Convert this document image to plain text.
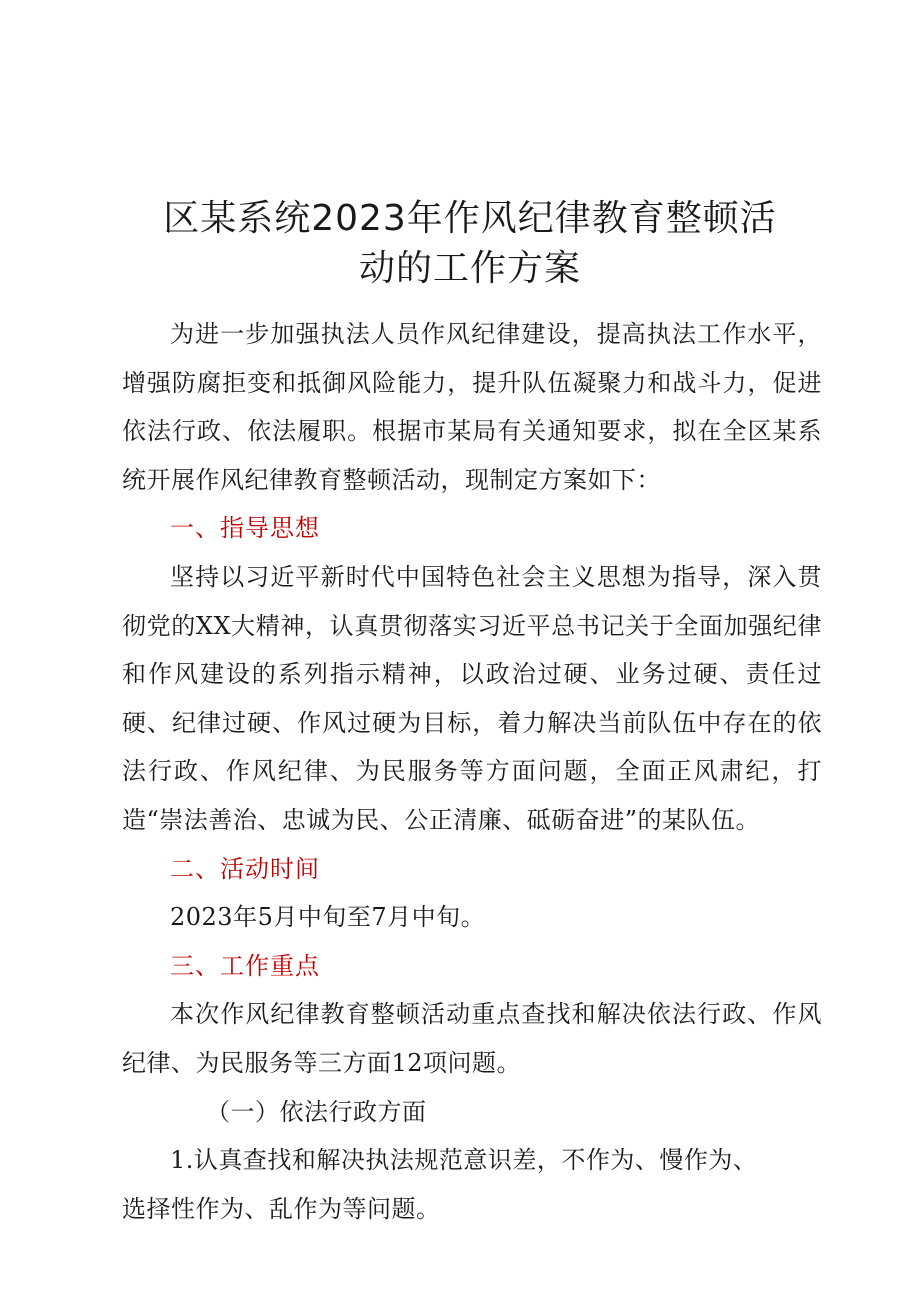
区某系统2023年作风纪律教育整顿活
动的工作方案

为进一步加强执法人员作风纪律建设，提高执法工作水平，增强防腐拒变和抵御风险能力，提升队伍凝聚力和战斗力，促进依法行政、依法履职。根据市某局有关通知要求，拟在全区某系统开展作风纪律教育整顿活动，现制定方案如下：

一、指导思想

坚持以习近平新时代中国特色社会主义思想为指导，深入贯彻党的XX大精神，认真贯彻落实习近平总书记关于全面加强纪律和作风建设的系列指示精神，以政治过硬、业务过硬、责任过硬、纪律过硬、作风过硬为目标，着力解决当前队伍中存在的依法行政、作风纪律、为民服务等方面问题，全面正风肃纪，打造“崇法善治、忠诚为民、公正清廉、砥砺奋进”的某队伍。

二、活动时间

2023年5月中旬至7月中旬。

三、工作重点

本次作风纪律教育整顿活动重点查找和解决依法行政、作风纪律、为民服务等三方面12项问题。

（一）依法行政方面

1.认真查找和解决执法规范意识差，不作为、慢作为、选择性作为、乱作为等问题。
